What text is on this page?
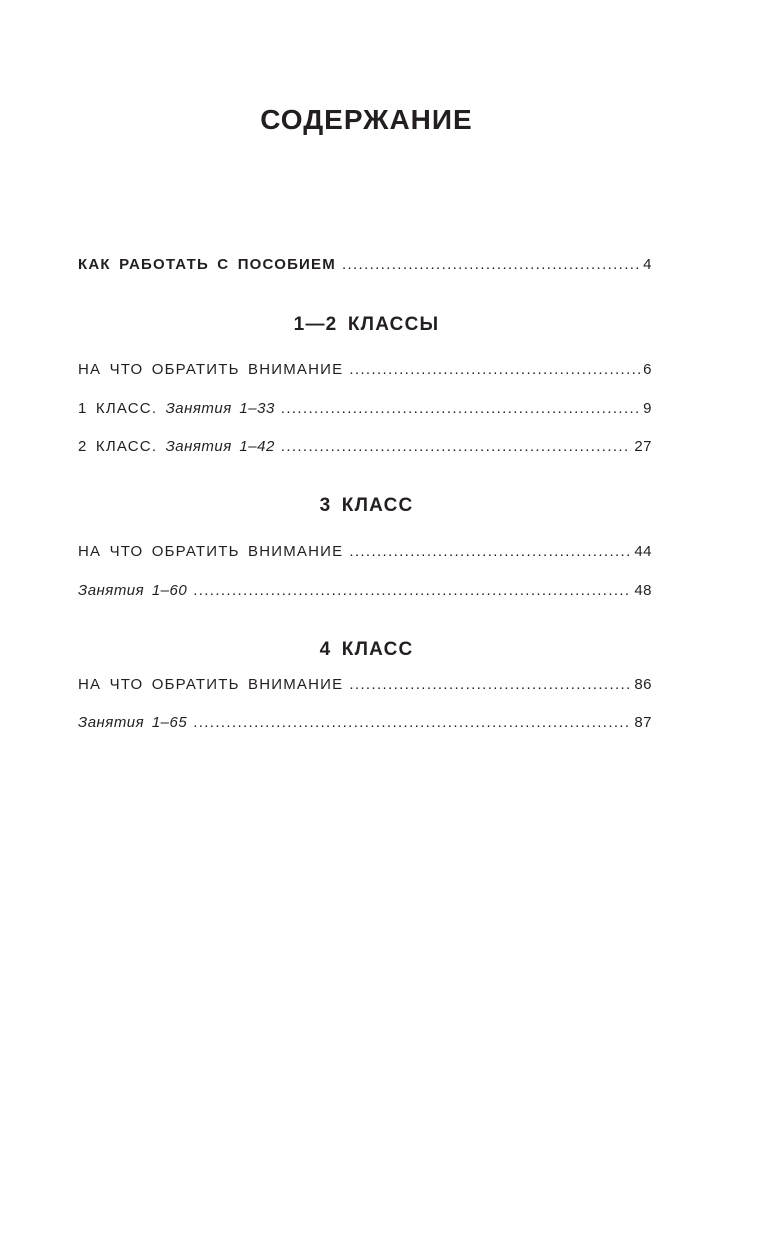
СОДЕРЖАНИЕ
КАК РАБОТАТЬ С ПОСОБИЕМ . . .	4
1—2 КЛАССЫ
НА ЧТО ОБРАТИТЬ ВНИМАНИЕ . . .	6
1 КЛАСС. Занятия 1–33 . . .	9
2 КЛАСС. Занятия 1–42 . . .	27
3 КЛАСС
НА ЧТО ОБРАТИТЬ ВНИМАНИЕ . . .	44
Занятия 1–60 . . .	48
4 КЛАСС
НА ЧТО ОБРАТИТЬ ВНИМАНИЕ . . .	86
Занятия 1–65 . . .	87
